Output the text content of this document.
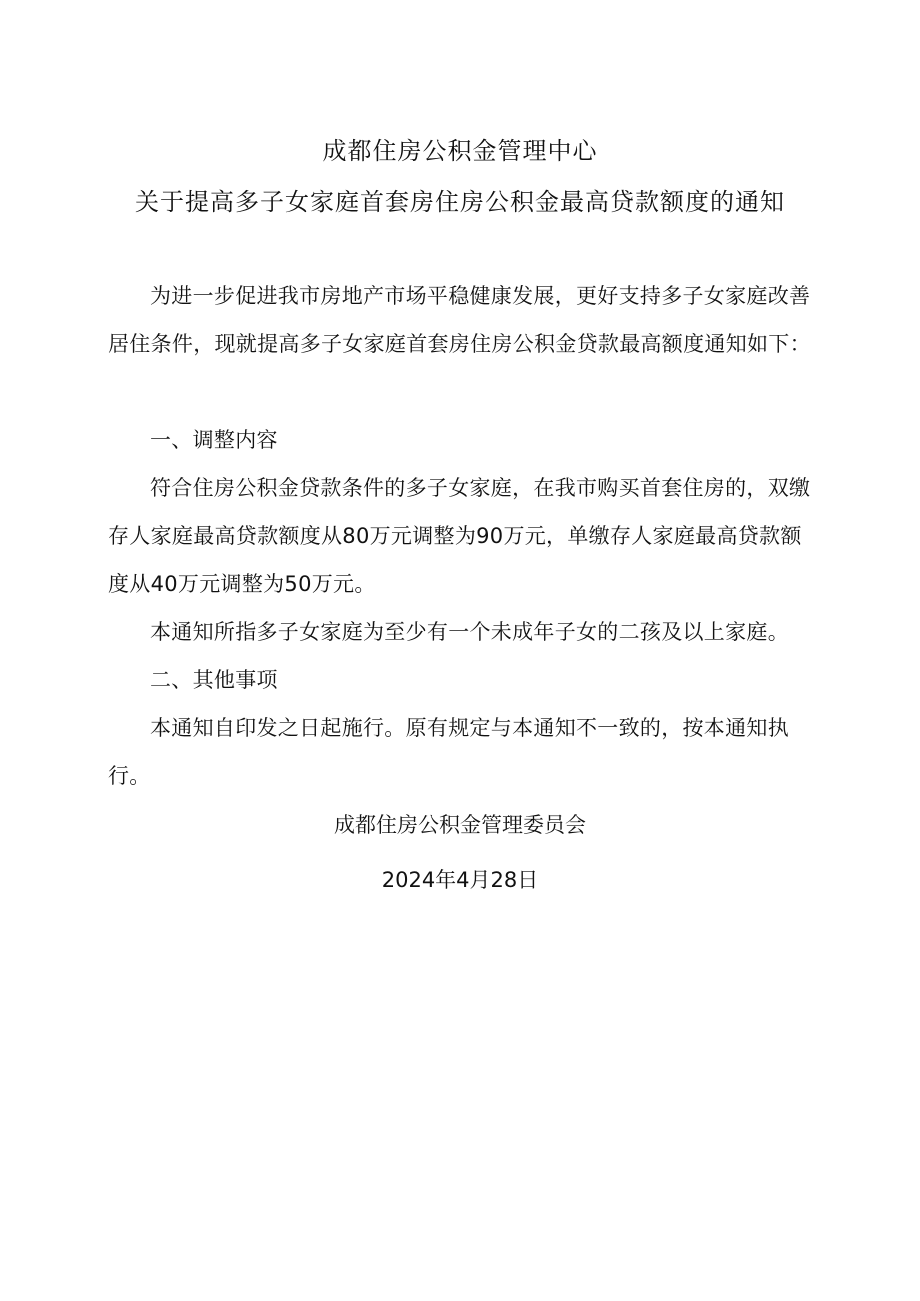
成都住房公积金管理中心
关于提高多子女家庭首套房住房公积金最高贷款额度的通知

为进一步促进我市房地产市场平稳健康发展，更好支持多子女家庭改善居住条件，现就提高多子女家庭首套房住房公积金贷款最高额度通知如下：

一、调整内容

符合住房公积金贷款条件的多子女家庭，在我市购买首套住房的，双缴存人家庭最高贷款额度从80万元调整为90万元，单缴存人家庭最高贷款额度从40万元调整为50万元。

本通知所指多子女家庭为至少有一个未成年子女的二孩及以上家庭。

二、其他事项

本通知自印发之日起施行。原有规定与本通知不一致的，按本通知执行。

成都住房公积金管理委员会
2024年4月28日
